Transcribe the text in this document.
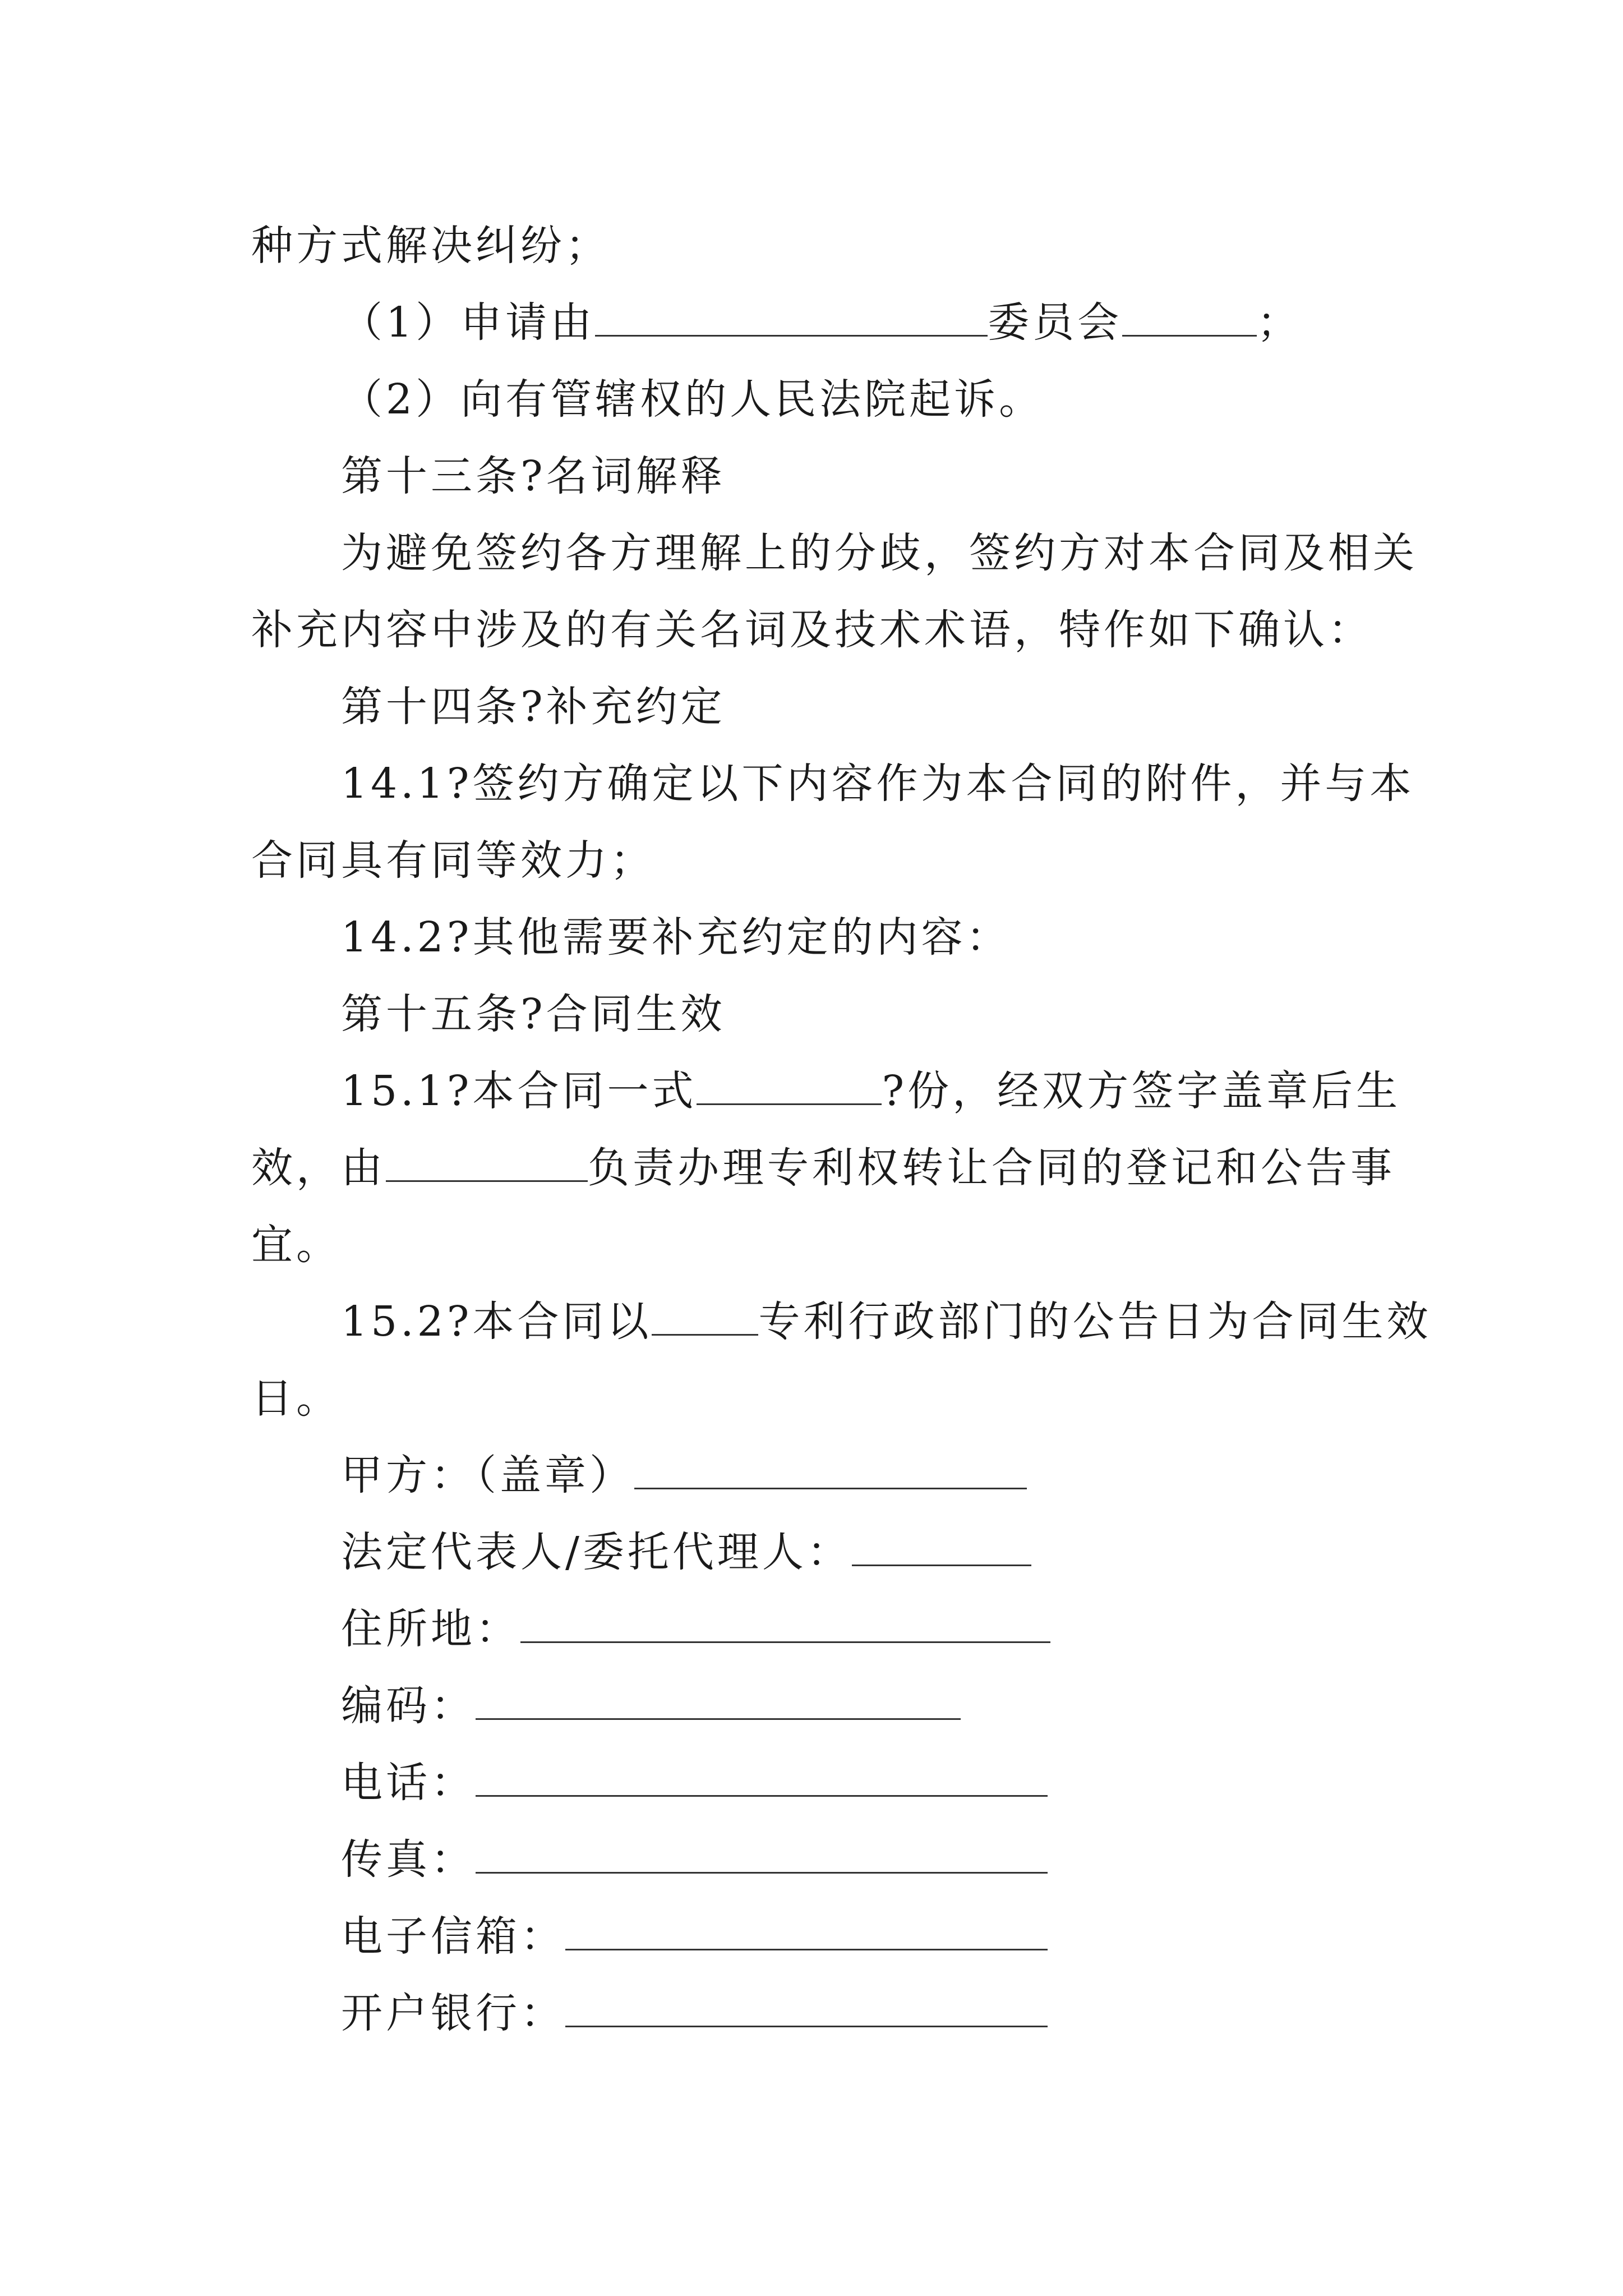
种方式解决纠纷；
（1）申请由	委员会	；
（2）向有管辖权的人民法院起诉。
第十三条?名词解释
为避免签约各方理解上的分歧，签约方对本合同及相关
补充内容中涉及的有关名词及技术术语，特作如下确认：
第十四条?补充约定
14.1?签约方确定以下内容作为本合同的附件，并与本
合同具有同等效力；
14.2?其他需要补充约定的内容：
第十五条?合同生效
15.1?本合同一式	?份，经双方签字盖章后生
效，由	负责办理专利权转让合同的登记和公告事
宜。
15.2?本合同以	专利行政部门的公告日为合同生效
日。
甲方：（盖章）
法定代表人/委托代理人：
住所地：
编码：
电话：
传真：
电子信箱：
开户银行：
